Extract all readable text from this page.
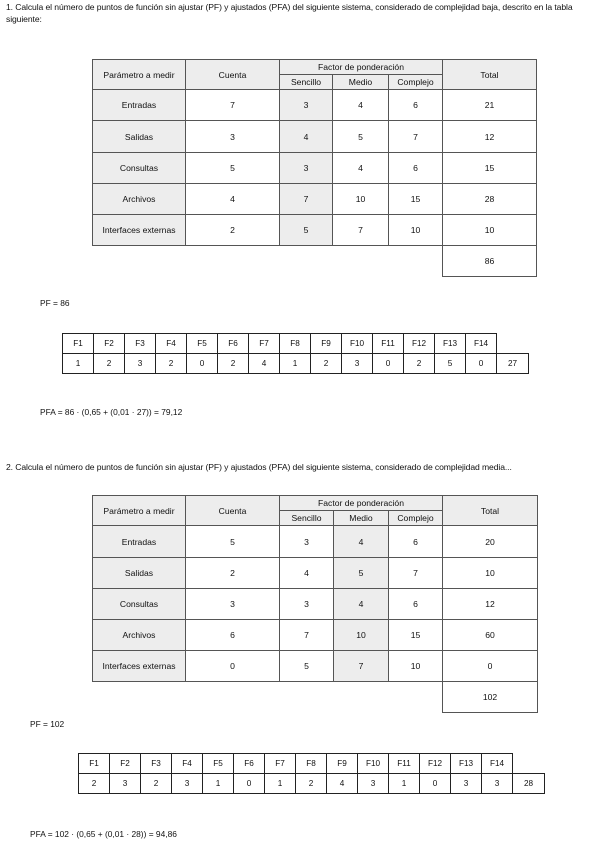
1. Calcula el número de puntos de función sin ajustar (PF) y ajustados (PFA) del siguiente sistema, considerado de complejidad baja, descrito en la tabla siguiente:
Parámetro a medir	Cuenta	Factor de ponderación			Total
		Sencillo	Medio	Complejo	
Entradas	7	3	4	6	21
Salidas	3	4	5	7	12
Consultas	5	3	4	6	15
Archivos	4	7	10	15	28
Interfaces externas	2	5	7	10	10
					86
PF = 86
F1	F2	F3	F4	F5	F6	F7	F8	F9	F10	F11	F12	F13	F14	
1	2	3	2	0	2	4	1	2	3	0	2	5	0	27
PFA = 86 · (0,65 + (0,01 · 27)) = 79,12
2. Calcula el número de puntos de función sin ajustar (PF) y ajustados (PFA) del siguiente sistema, considerado de complejidad media...
Parámetro a medir	Cuenta	Factor de ponderación			Total
		Sencillo	Medio	Complejo	
Entradas	5	3	4	6	20
Salidas	2	4	5	7	10
Consultas	3	3	4	6	12
Archivos	6	7	10	15	60
Interfaces externas	0	5	7	10	0
					102
PF = 102
F1	F2	F3	F4	F5	F6	F7	F8	F9	F10	F11	F12	F13	F14	
2	3	2	3	1	0	1	2	4	3	1	0	3	3	28
PFA = 102 · (0,65 + (0,01 · 28)) = 94,86
